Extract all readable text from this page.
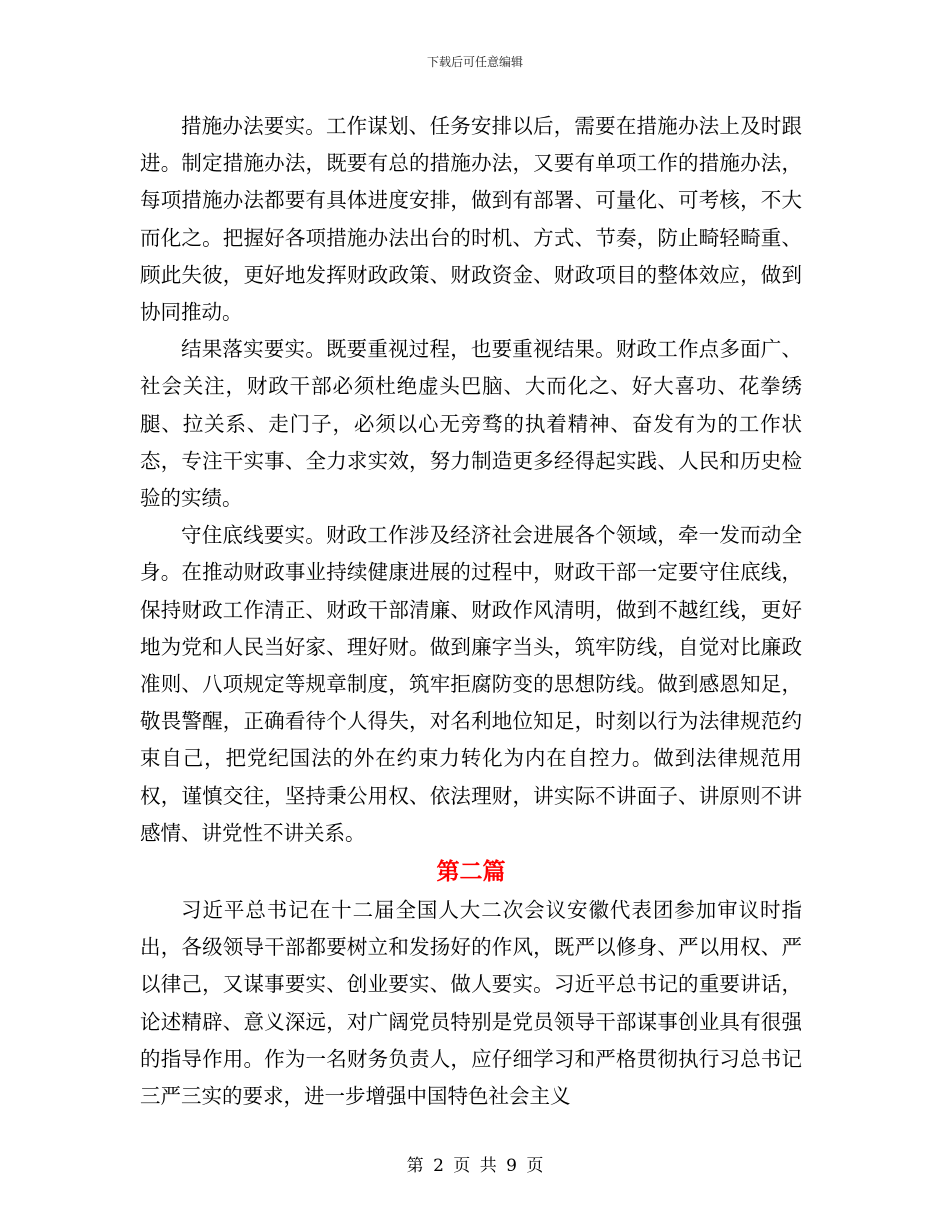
下载后可任意编辑

措施办法要实。工作谋划、任务安排以后，需要在措施办法上及时跟进。制定措施办法，既要有总的措施办法，又要有单项工作的措施办法，每项措施办法都要有具体进度安排，做到有部署、可量化、可考核，不大而化之。把握好各项措施办法出台的时机、方式、节奏，防止畸轻畸重、顾此失彼，更好地发挥财政政策、财政资金、财政项目的整体效应，做到协同推动。

结果落实要实。既要重视过程，也要重视结果。财政工作点多面广、社会关注，财政干部必须杜绝虚头巴脑、大而化之、好大喜功、花拳绣腿、拉关系、走门子，必须以心无旁骛的执着精神、奋发有为的工作状态，专注干实事、全力求实效，努力制造更多经得起实践、人民和历史检验的实绩。

守住底线要实。财政工作涉及经济社会进展各个领域，牵一发而动全身。在推动财政事业持续健康进展的过程中，财政干部一定要守住底线，保持财政工作清正、财政干部清廉、财政作风清明，做到不越红线，更好地为党和人民当好家、理好财。做到廉字当头，筑牢防线，自觉对比廉政准则、八项规定等规章制度，筑牢拒腐防变的思想防线。做到感恩知足，敬畏警醒，正确看待个人得失，对名利地位知足，时刻以行为法律规范约束自己，把党纪国法的外在约束力转化为内在自控力。做到法律规范用权，谨慎交往，坚持秉公用权、依法理财，讲实际不讲面子、讲原则不讲感情、讲党性不讲关系。

第二篇

习近平总书记在十二届全国人大二次会议安徽代表团参加审议时指出，各级领导干部都要树立和发扬好的作风，既严以修身、严以用权、严以律己，又谋事要实、创业要实、做人要实。习近平总书记的重要讲话，论述精辟、意义深远，对广阔党员特别是党员领导干部谋事创业具有很强的指导作用。作为一名财务负责人，应仔细学习和严格贯彻执行习总书记三严三实的要求，进一步增强中国特色社会主义

第 2 页 共 9 页
